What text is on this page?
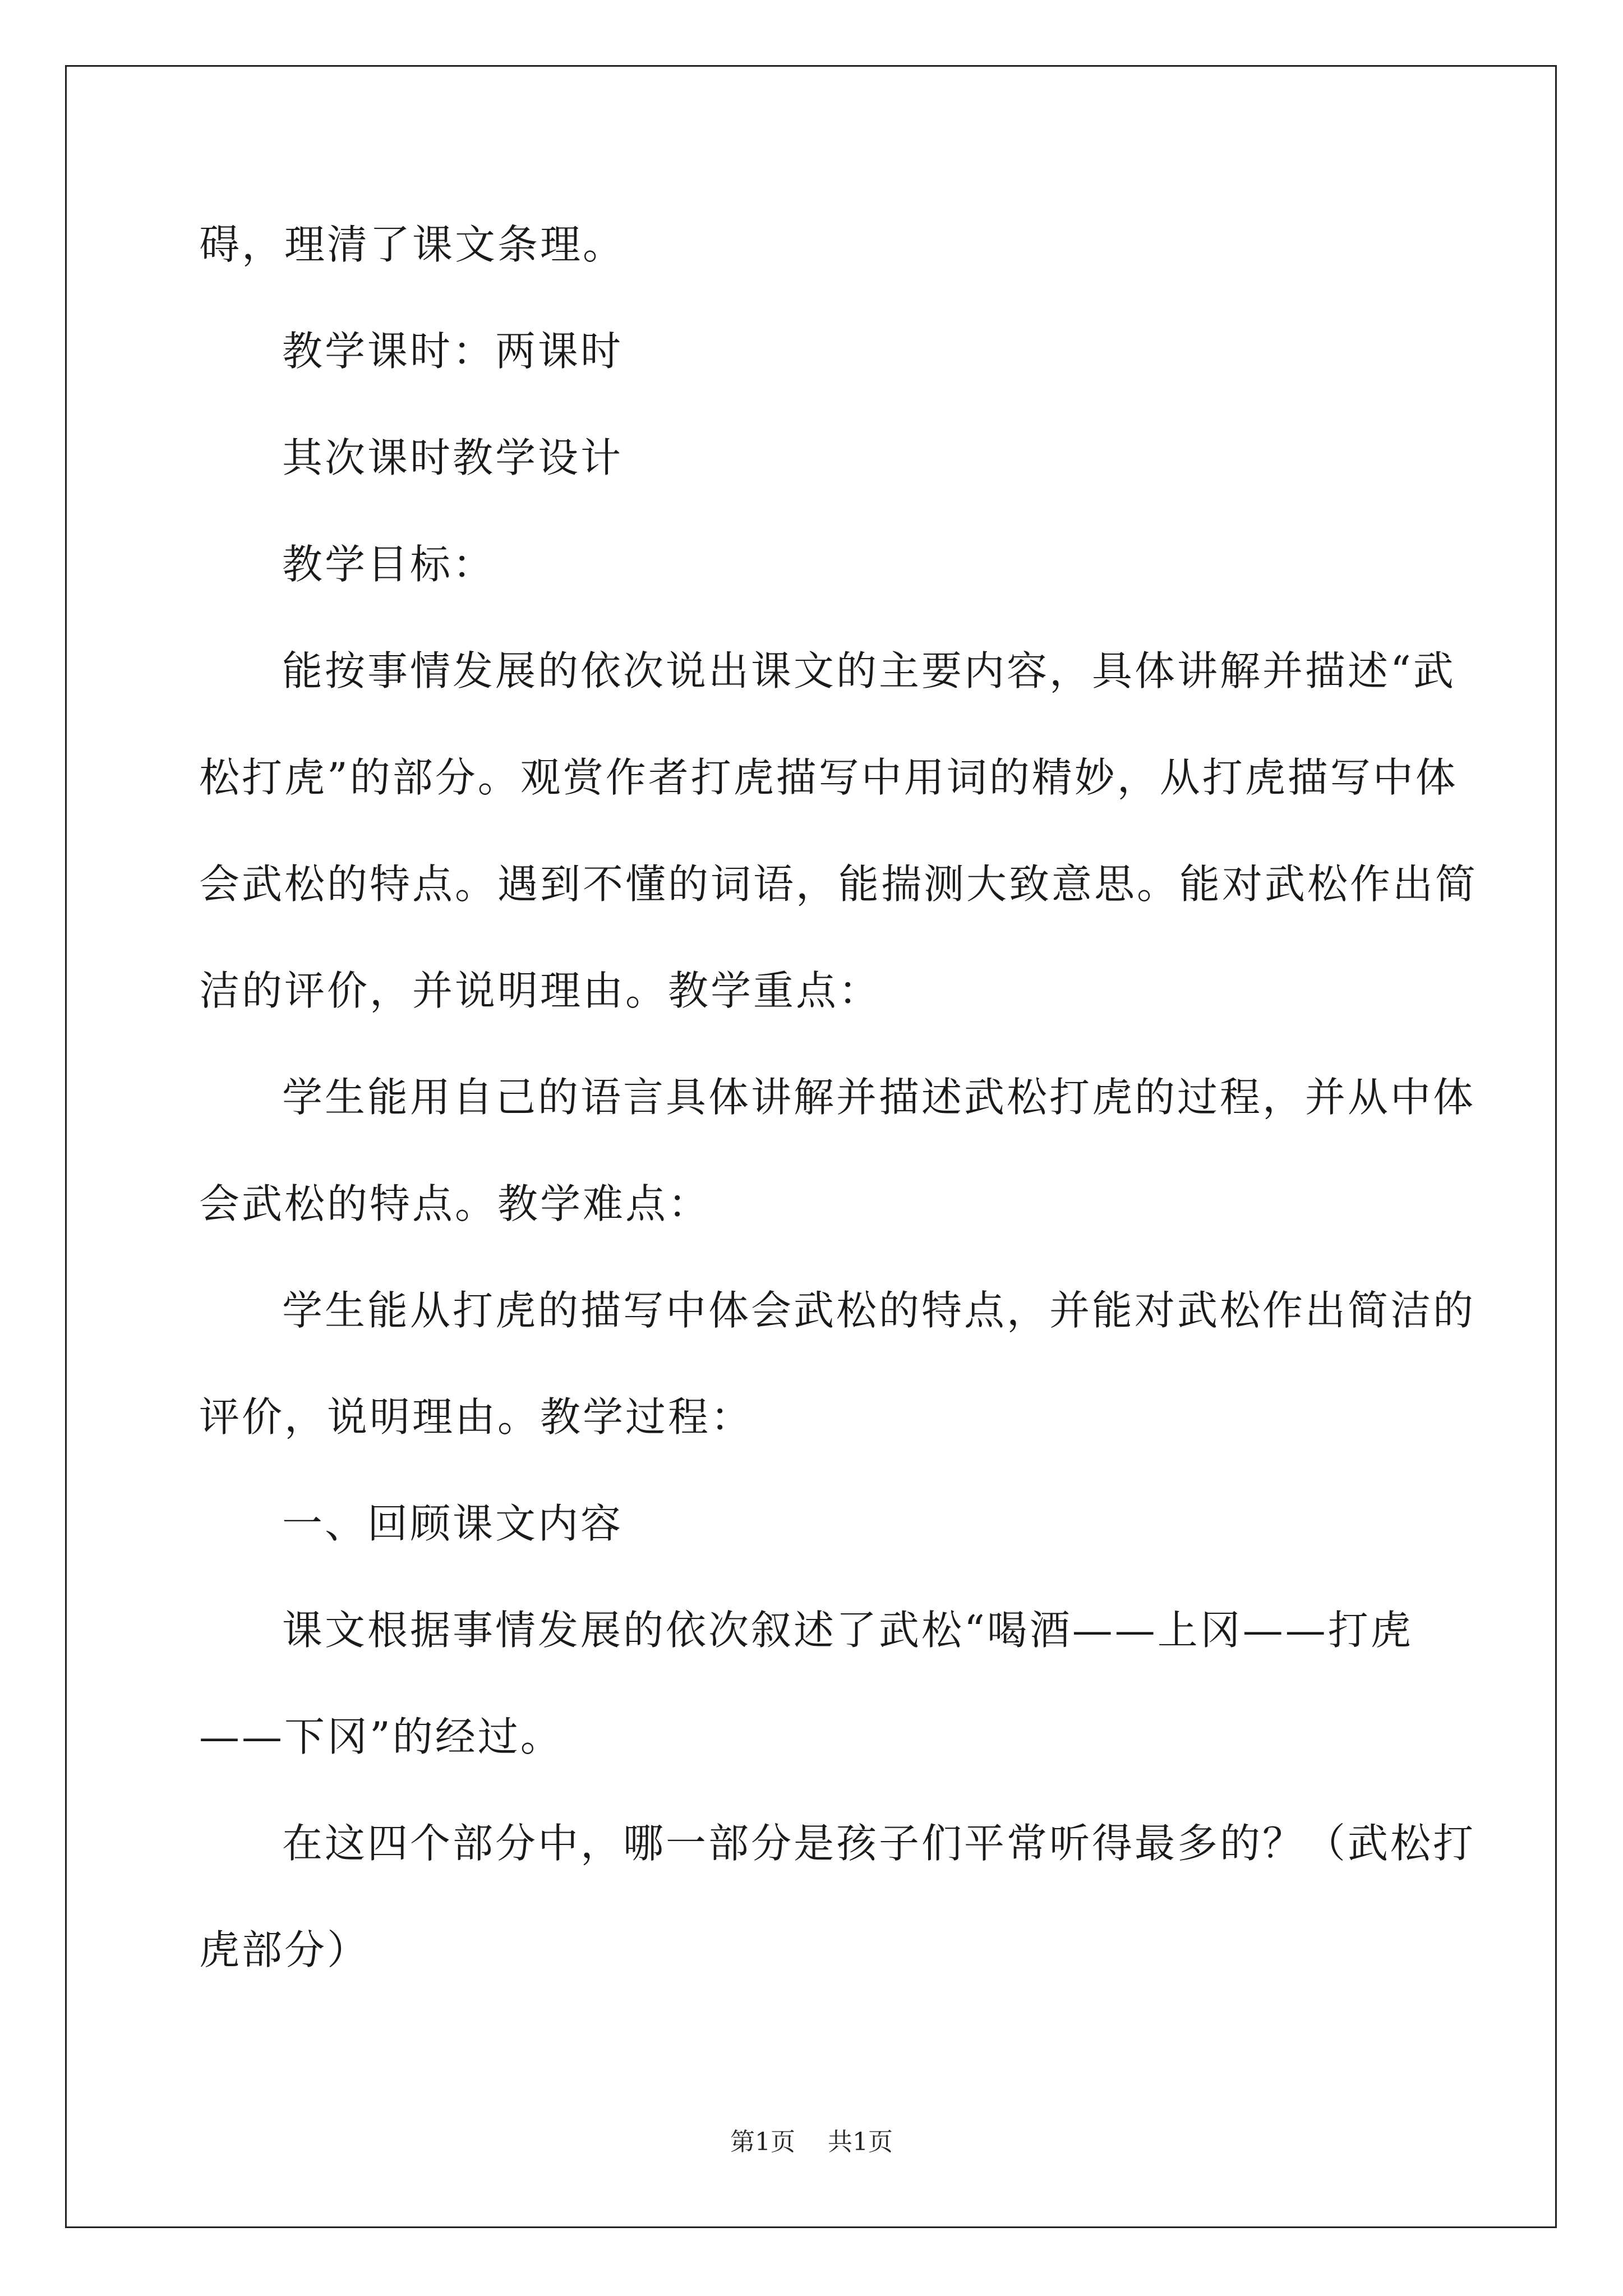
碍，理清了课文条理。
教学课时：两课时
其次课时教学设计
教学目标：
能按事情发展的依次说出课文的主要内容，具体讲解并描述“武
松打虎”的部分。观赏作者打虎描写中用词的精妙，从打虎描写中体
会武松的特点。遇到不懂的词语，能揣测大致意思。能对武松作出简
洁的评价，并说明理由。教学重点：
学生能用自己的语言具体讲解并描述武松打虎的过程，并从中体
会武松的特点。教学难点：
学生能从打虎的描写中体会武松的特点，并能对武松作出简洁的
评价，说明理由。教学过程：
一、回顾课文内容
课文根据事情发展的依次叙述了武松“喝酒——上冈——打虎
——下冈”的经过。
在这四个部分中，哪一部分是孩子们平常听得最多的？（武松打
虎部分）
第1页 共1页
